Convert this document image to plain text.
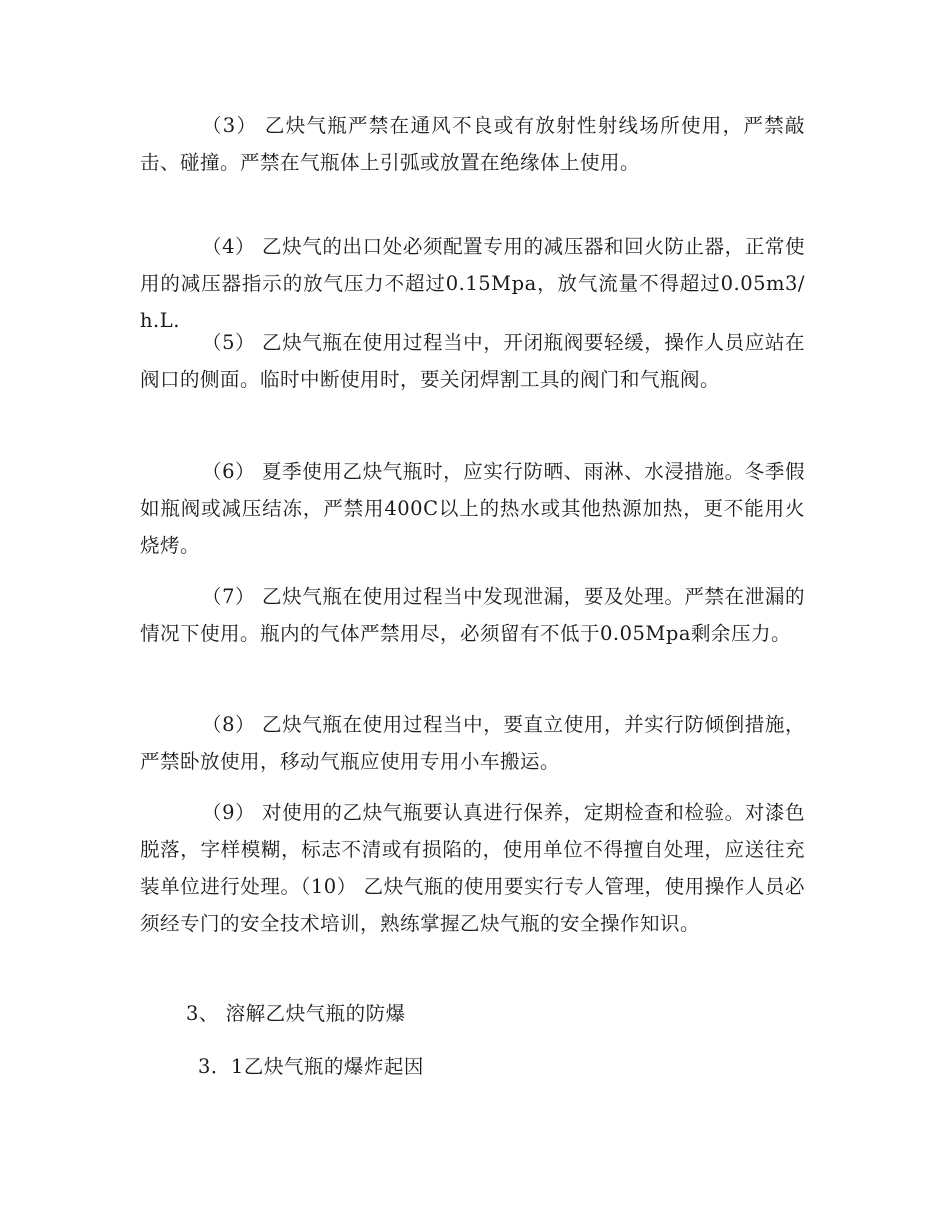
（3） 乙炔气瓶严禁在通风不良或有放射性射线场所使用，严禁敲击、碰撞。严禁在气瓶体上引弧或放置在绝缘体上使用。

（4） 乙炔气的出口处必须配置专用的减压器和回火防止器，正常使用的减压器指示的放气压力不超过0.15Mpa，放气流量不得超过0.05m3/h.L.

（5） 乙炔气瓶在使用过程当中，开闭瓶阀要轻缓，操作人员应站在阀口的侧面。临时中断使用时，要关闭焊割工具的阀门和气瓶阀。

（6） 夏季使用乙炔气瓶时，应实行防晒、雨淋、水浸措施。冬季假如瓶阀或减压结冻，严禁用400C以上的热水或其他热源加热，更不能用火烧烤。

（7） 乙炔气瓶在使用过程当中发现泄漏，要及处理。严禁在泄漏的情况下使用。瓶内的气体严禁用尽，必须留有不低于0.05Mpa剩余压力。

（8） 乙炔气瓶在使用过程当中，要直立使用，并实行防倾倒措施，严禁卧放使用，移动气瓶应使用专用小车搬运。

（9） 对使用的乙炔气瓶要认真进行保养，定期检查和检验。对漆色脱落，字样模糊，标志不清或有损陷的，使用单位不得擅自处理，应送往充装单位进行处理。（10） 乙炔气瓶的使用要实行专人管理，使用操作人员必须经专门的安全技术培训，熟练掌握乙炔气瓶的安全操作知识。

3、 溶解乙炔气瓶的防爆

3．1乙炔气瓶的爆炸起因
